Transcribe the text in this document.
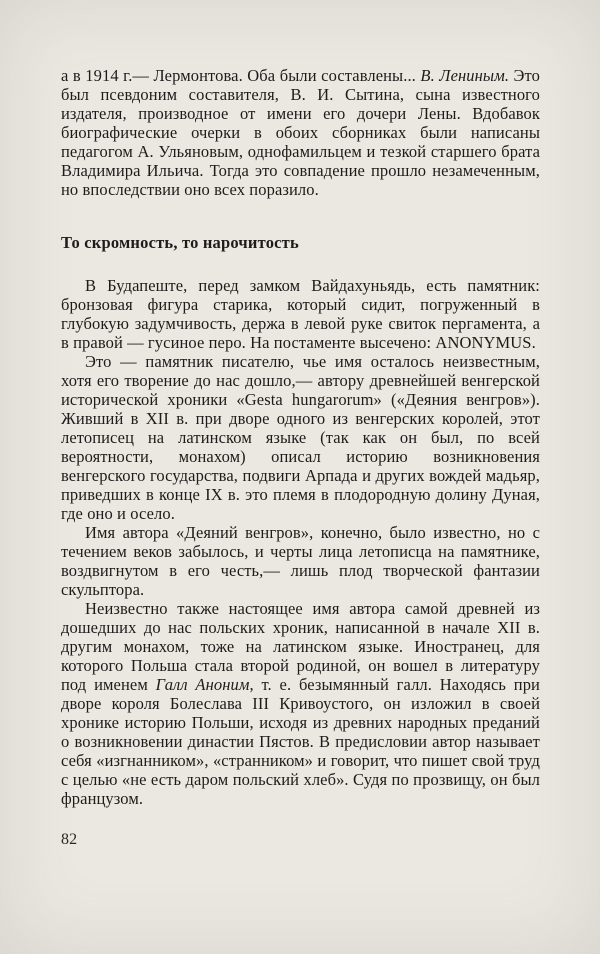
а в 1914 г.— Лермонтова. Оба были составлены... В. Лениным. Это был псевдоним составителя, В. И. Сытина, сына известного издателя, производное от имени его дочери Лены. Вдобавок биографические очерки в обоих сборниках были написаны педагогом А. Ульяновым, однофамильцем и тезкой старшего брата Владимира Ильича. Тогда это совпадение прошло незамеченным, но впоследствии оно всех поразило.

То скромность, то нарочитость

В Будапеште, перед замком Вайдахуньядь, есть памятник: бронзовая фигура старика, который сидит, погруженный в глубокую задумчивость, держа в левой руке свиток пергамента, а в правой — гусиное перо. На постаменте высечено: ANONYMUS.

Это — памятник писателю, чье имя осталось неизвестным, хотя его творение до нас дошло,— автору древнейшей венгерской исторической хроники «Gesta hungarorum» («Деяния венгров»). Живший в XII в. при дворе одного из венгерских королей, этот летописец на латинском языке (так как он был, по всей вероятности, монахом) описал историю возникновения венгерского государства, подвиги Арпада и других вождей мадьяр, приведших в конце IX в. это племя в плодородную долину Дуная, где оно и осело.

Имя автора «Деяний венгров», конечно, было известно, но с течением веков забылось, и черты лица летописца на памятнике, воздвигнутом в его честь,— лишь плод творческой фантазии скульптора.

Неизвестно также настоящее имя автора самой древней из дошедших до нас польских хроник, написанной в начале XII в. другим монахом, тоже на латинском языке. Иностранец, для которого Польша стала второй родиной, он вошел в литературу под именем Галл Аноним, т. е. безымянный галл. Находясь при дворе короля Болеслава III Кривоустого, он изложил в своей хронике историю Польши, исходя из древних народных преданий о возникновении династии Пястов. В предисловии автор называет себя «изгнанником», «странником» и говорит, что пишет свой труд с целью «не есть даром польский хлеб». Судя по прозвищу, он был французом.

82
